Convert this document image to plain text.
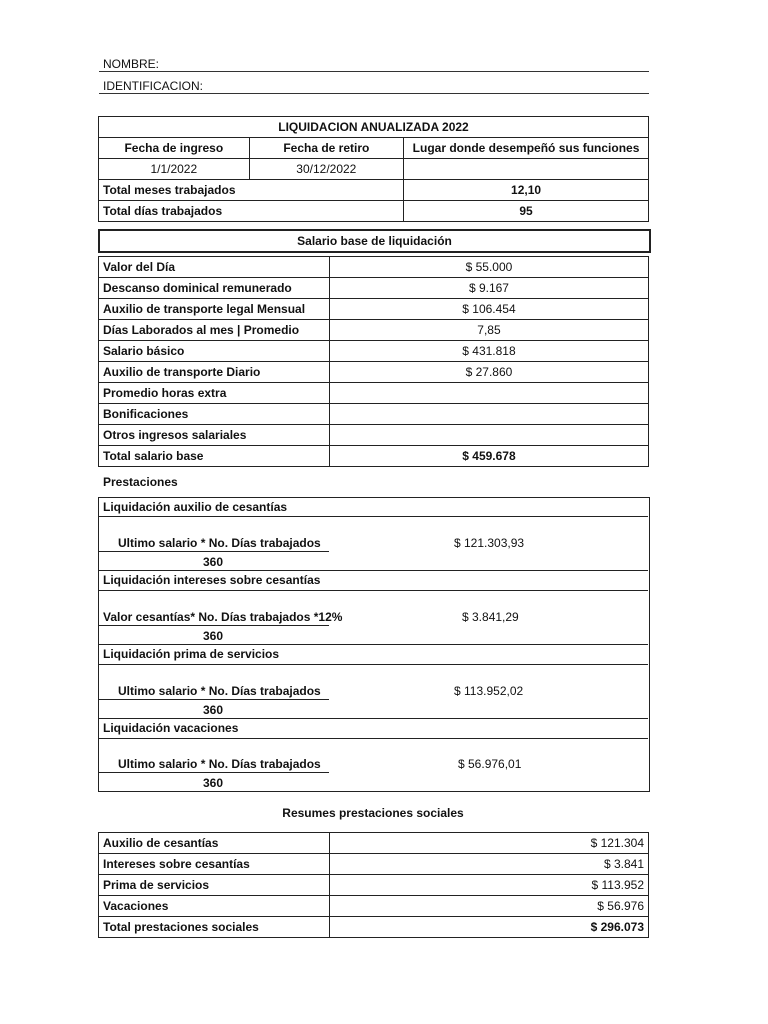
NOMBRE:
IDENTIFICACION:
LIQUIDACION ANUALIZADA 2022		
Fecha de ingreso	Fecha de retiro	Lugar donde desempeñó sus funciones
1/1/2022	30/12/2022	
Total meses trabajados		12,10
Total días trabajados		95
Salario base de liquidación
Valor del Día	$ 55.000
Descanso dominical remunerado	$ 9.167
Auxilio de transporte legal Mensual	$ 106.454
Días Laborados al mes | Promedio	7,85
Salario básico	$ 431.818
Auxilio de transporte Diario	$ 27.860
Promedio horas extra	
Bonificaciones	
Otros ingresos salariales	
Total salario base	$ 459.678
Prestaciones
Liquidación auxilio de cesantías
Ultimo salario * No. Días trabajados
360
$ 121.303,93
Liquidación intereses sobre cesantías
Valor cesantías* No. Días trabajados *12%
360
$ 3.841,29
Liquidación prima de servicios
Ultimo salario * No. Días trabajados
360
$ 113.952,02
Liquidación vacaciones
Ultimo salario * No. Días trabajados
360
$ 56.976,01
Resumes prestaciones sociales
Auxilio de cesantías	$ 121.304
Intereses sobre cesantías	$ 3.841
Prima de servicios	$ 113.952
Vacaciones	$ 56.976
Total prestaciones sociales	$ 296.073
